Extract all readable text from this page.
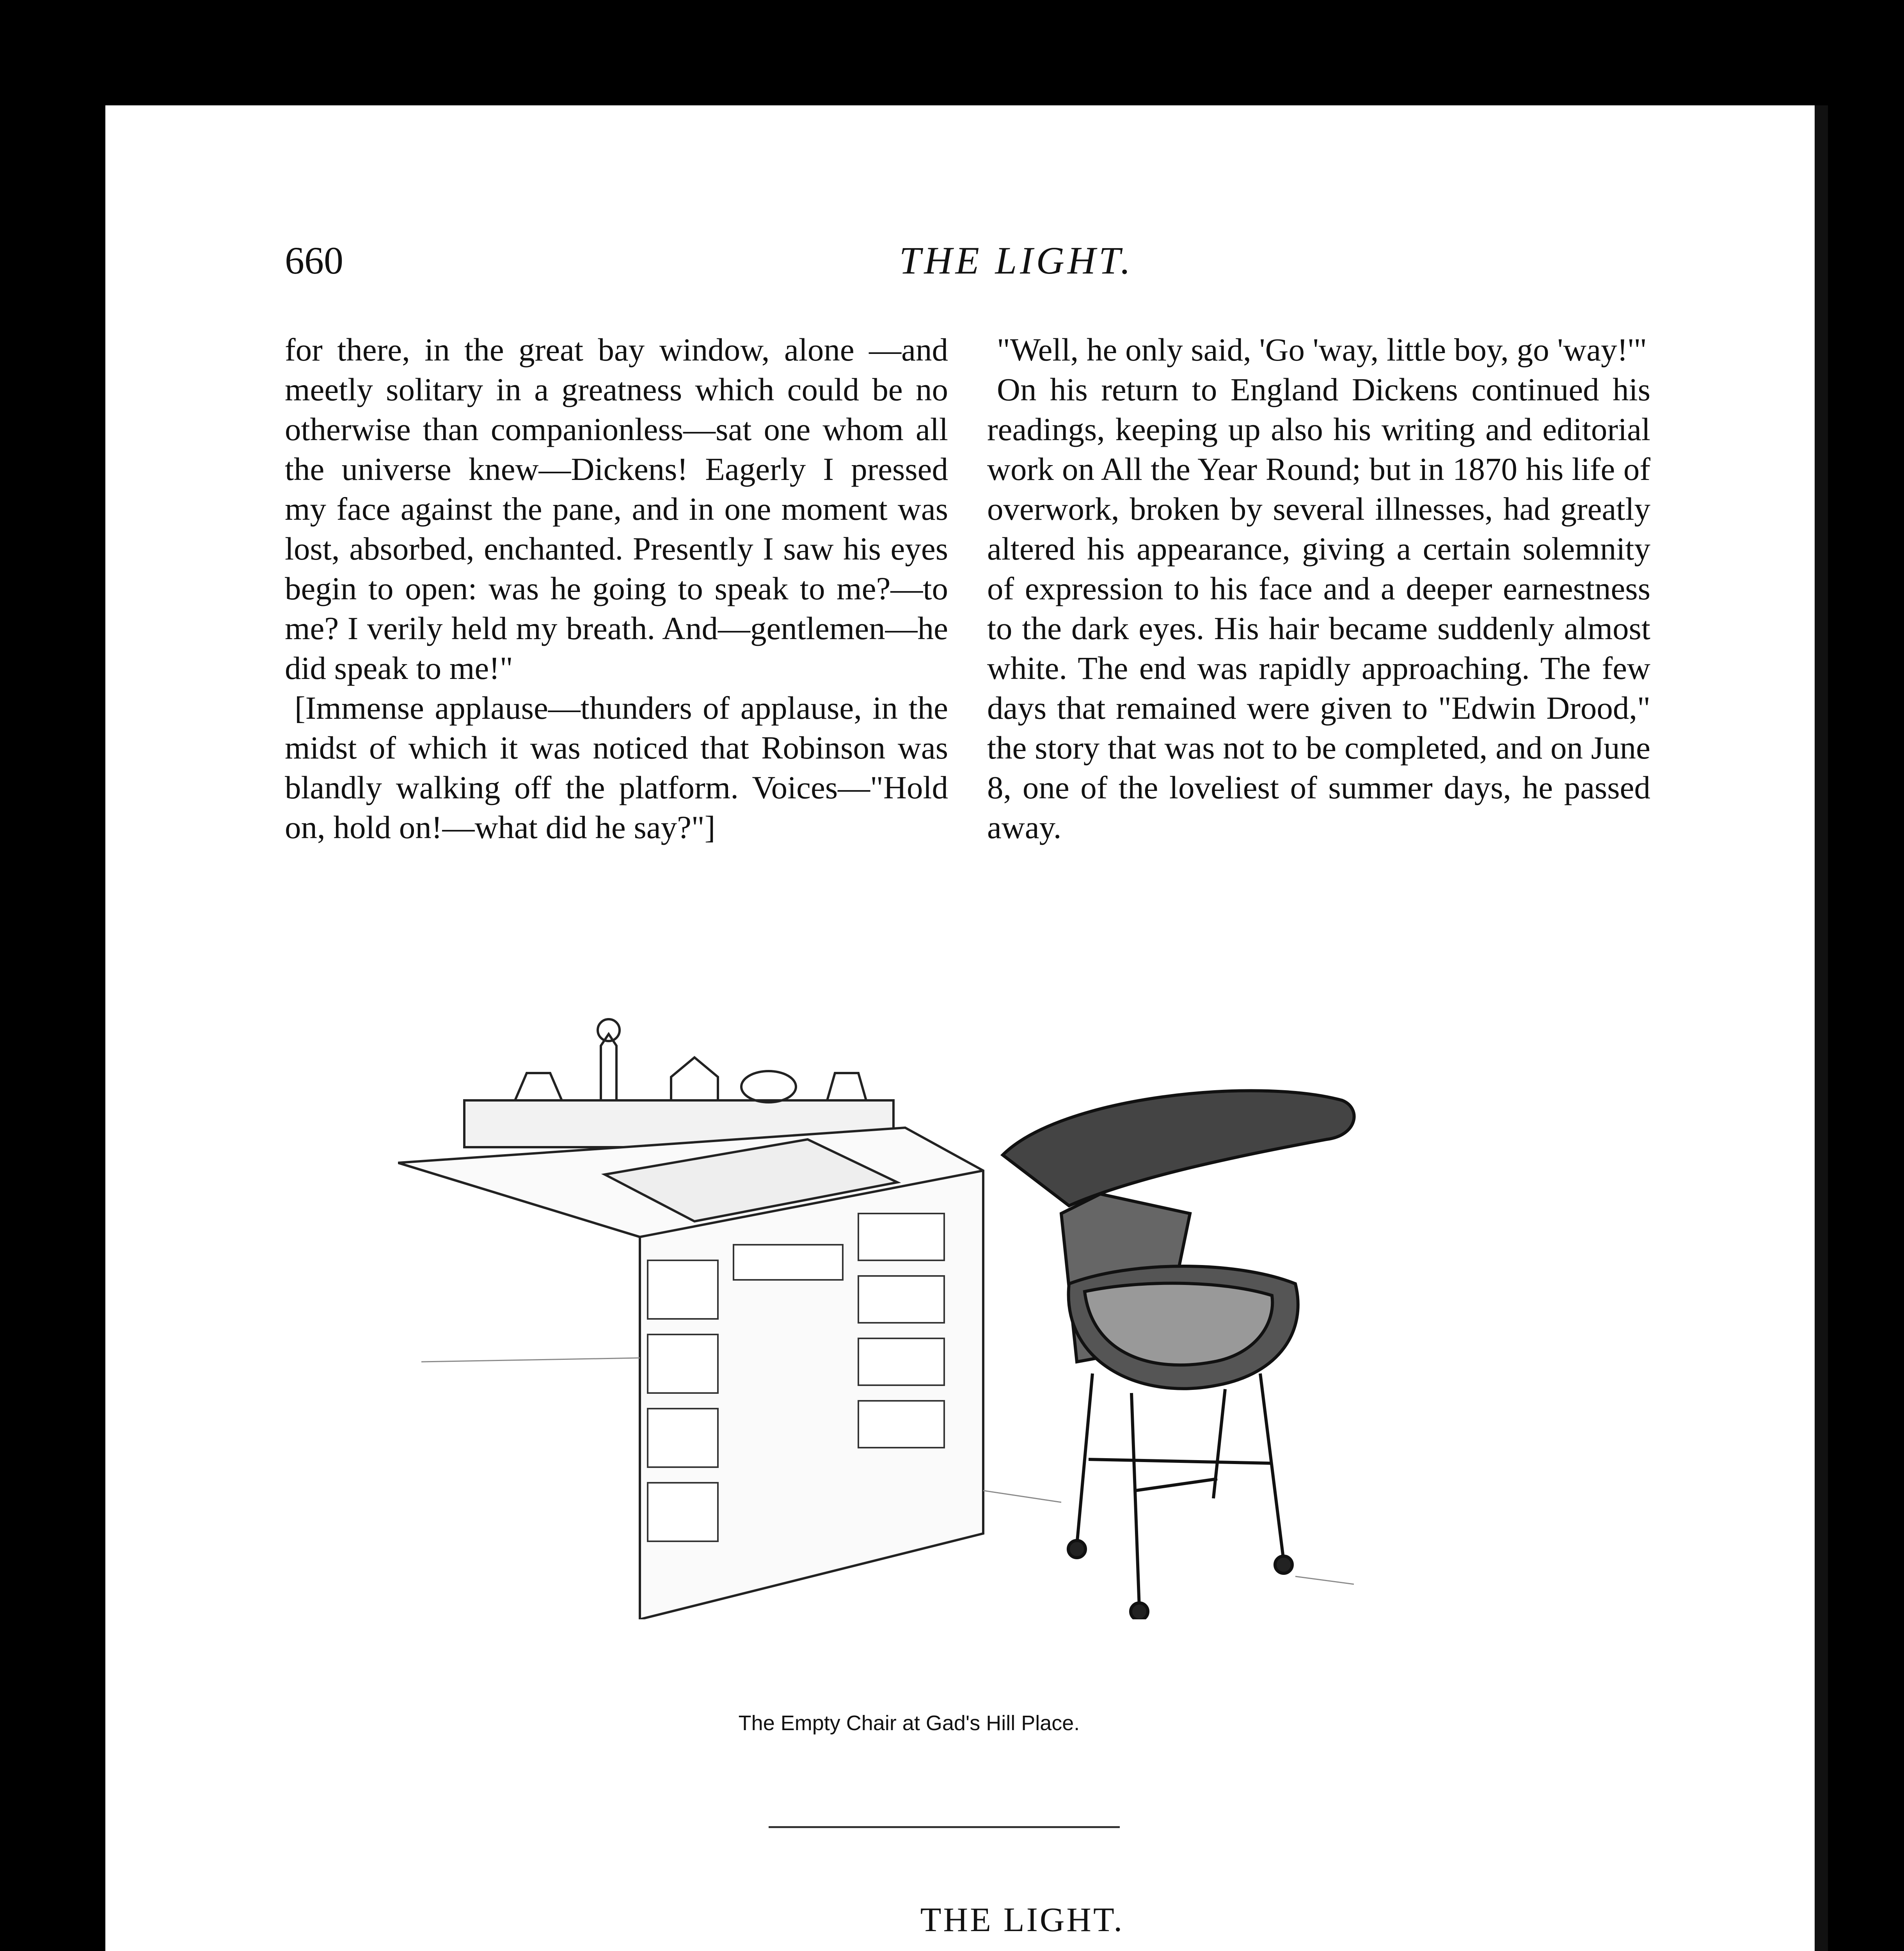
660	THE LIGHT.

for there, in the great bay window, alone —and meetly solitary in a greatness which could be no otherwise than companionless—sat one whom all the universe knew—Dickens! Eagerly I pressed my face against the pane, and in one moment was lost, absorbed, enchanted. Presently I saw his eyes begin to open: was he going to speak to me?—to me? I verily held my breath. And—gentlemen—he did speak to me!"

[Immense applause—thunders of applause, in the midst of which it was noticed that Robinson was blandly walking off the platform. Voices—"Hold on, hold on!—what did he say?"]

"Well, he only said, 'Go 'way, little boy, go 'way!'"

On his return to England Dickens continued his readings, keeping up also his writing and editorial work on All the Year Round; but in 1870 his life of overwork, broken by several illnesses, had greatly altered his appearance, giving a certain solemnity of expression to his face and a deeper earnestness to the dark eyes. His hair became suddenly almost white. The end was rapidly approaching. The few days that remained were given to "Edwin Drood," the story that was not to be completed, and on June 8, one of the loveliest of summer days, he passed away.

The Empty Chair at Gad's Hill Place.
THE LIGHT.
